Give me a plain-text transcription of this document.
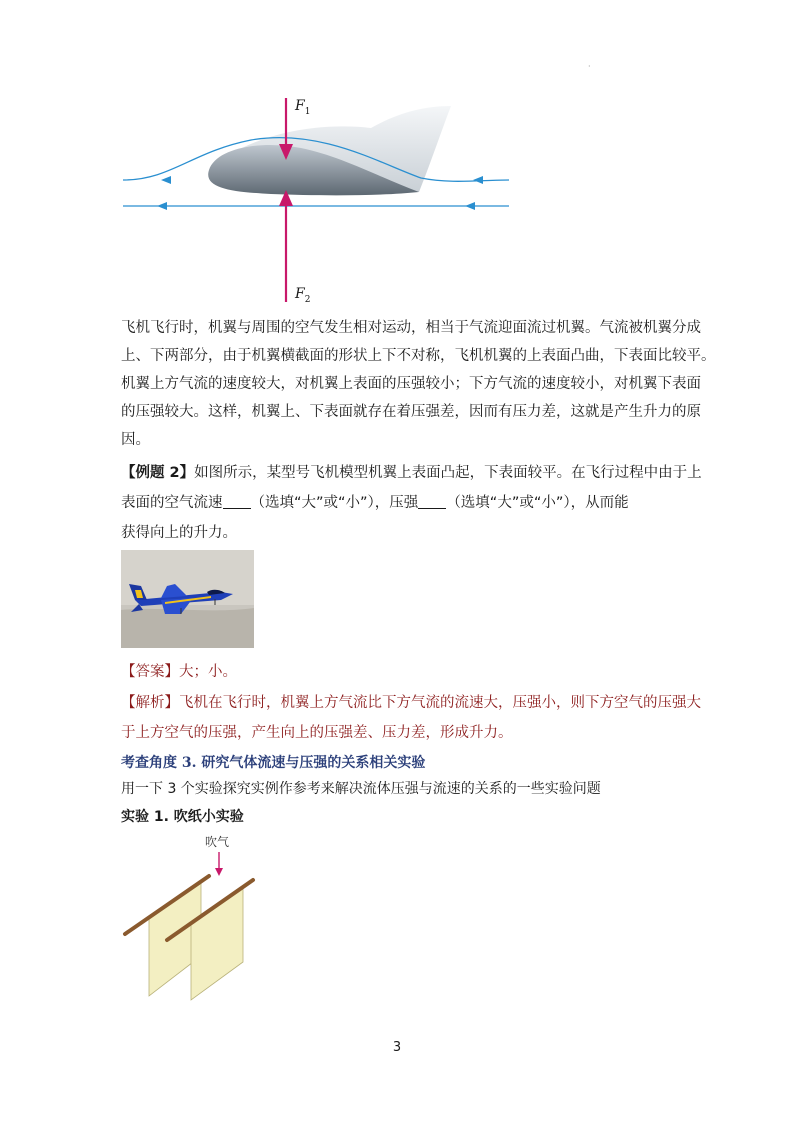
·
$F_1$
$F_2$
飞机飞行时，机翼与周围的空气发生相对运动，相当于气流迎面流过机翼。气流被机翼分成
上、下两部分，由于机翼横截面的形状上下不对称，飞机机翼的上表面凸曲，下表面比较平。
机翼上方气流的速度较大，对机翼上表面的压强较小；下方气流的速度较小，对机翼下表面
的压强较大。这样，机翼上、下表面就存在着压强差，因而有压力差，这就是产生升力的原
因。
【例题 2】如图所示，某型号飞机模型机翼上表面凸起，下表面较平。在飞行过程中由于上
表面的空气流速 （选填“大”或“小”），压强 （选填“大”或“小”），从而能
获得向上的升力。
【答案】大；小。
【解析】飞机在飞行时，机翼上方气流比下方气流的流速大，压强小，则下方空气的压强大
于上方空气的压强，产生向上的压强差、压力差，形成升力。
考查角度 3. 研究气体流速与压强的关系相关实验
用一下 3 个实验探究实例作参考来解决流体压强与流速的关系的一些实验问题
实验 1. 吹纸小实验
吹气
3
